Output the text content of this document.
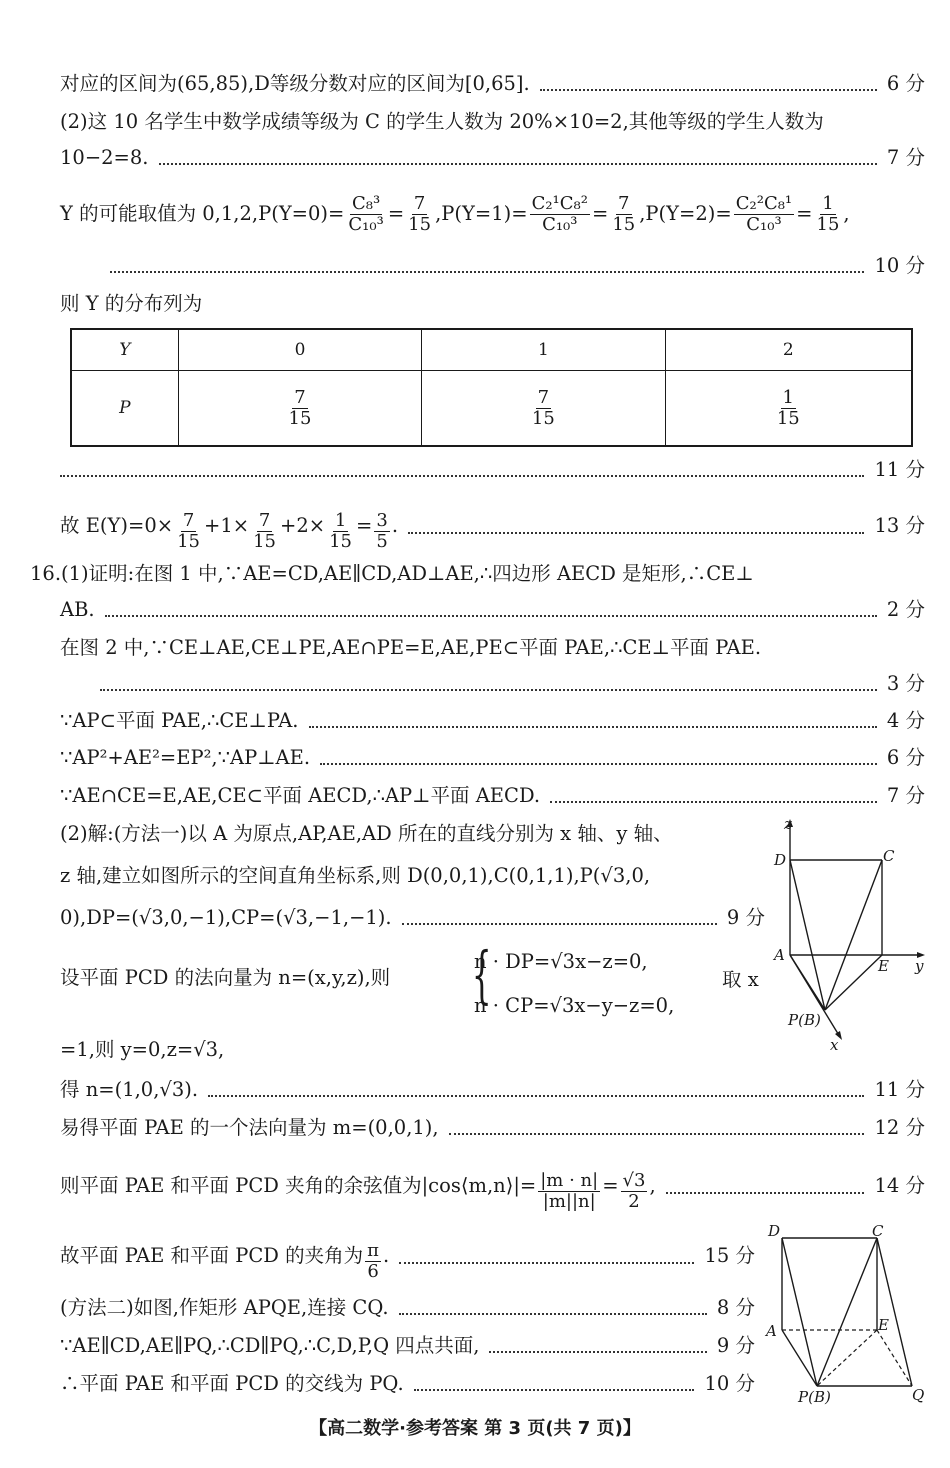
对应的区间为(65,85),D等级分数对应的区间为[0,65].	6 分
(2)这 10 名学生中数学成绩等级为 C 的学生人数为 20%×10=2,其他等级的学生人数为
10−2=8.	7 分
Y 的可能取值为 $0,1,2,P(Y=0)= \frac{\text{C₈³}}{\text{C₁₀³}} = \frac{7}{15} ,P(Y=1)= \frac{\text{C₂¹C₈²}}{\text{C₁₀³}} = \frac{7}{15} ,P(Y=2)= \frac{\text{C₂²C₈¹}}{\text{C₁₀³}} = \frac{1}{15}$ ,
10 分
则 Y 的分布列为
Y	0	1	2
P	$\frac{7}{15}$	$\frac{7}{15}$	$\frac{1}{15}$
11 分
故 $E(Y)=0\times \frac{7}{15} +1\times \frac{7}{15} +2\times \frac{1}{15} = \frac{3}{5}$ .	13 分
16.(1)证明:在图 1 中,∵AE=CD,AE∥CD,AD⊥AE,∴四边形 AECD 是矩形,∴CE⊥
AB.	2 分
在图 2 中,∵CE⊥AE,CE⊥PE,AE∩PE=E,AE,PE⊂平面 PAE,∴CE⊥平面 PAE.
3 分
∵AP⊂平面 PAE,∴CE⊥PA.	4 分
∵AP²+AE²=EP²,∵AP⊥AE.	6 分
∵AE∩CE=E,AE,CE⊂平面 AECD,∴AP⊥平面 AECD.	7 分
(2)解:(方法一)以 A 为原点,AP,AE,AD 所在的直线分别为 x 轴、y 轴、
z 轴,建立如图所示的空间直角坐标系,则 D(0,0,1),C(0,1,1),P(√3,0,
0),DP=(√3,0,−1),CP=(√3,−1,−1).	9 分
设平面 PCD 的法向量为 n=(x,y,z),则 {
n · DP=√3x−z=0,
n · CP=√3x−y−z=0,
取 x
=1,则 y=0,z=√3,
得 n=(1,0,√3).	11 分
易得平面 PAE 的一个法向量为 m=(0,0,1),	12 分
则平面 PAE 和平面 PCD 夹角的余弦值为|cos⟨m,n⟩|= $\frac{|m \cdot n|}{|m||n|} = \frac{√3}{2}$ ,	14 分
故平面 PAE 和平面 PCD 的夹角为 $\frac{\pi}{6}$ .	15 分
(方法二)如图,作矩形 APQE,连接 CQ.	8 分
∵AE∥CD,AE∥PQ,∴CD∥PQ,∴C,D,P,Q 四点共面,	9 分
∴平面 PAE 和平面 PCD 的交线为 PQ.	10 分
z
D	C
A
E y
P(B)
x
D	C
A	E
P(B)	Q
【高二数学·参考答案 第 3 页(共 7 页)】
